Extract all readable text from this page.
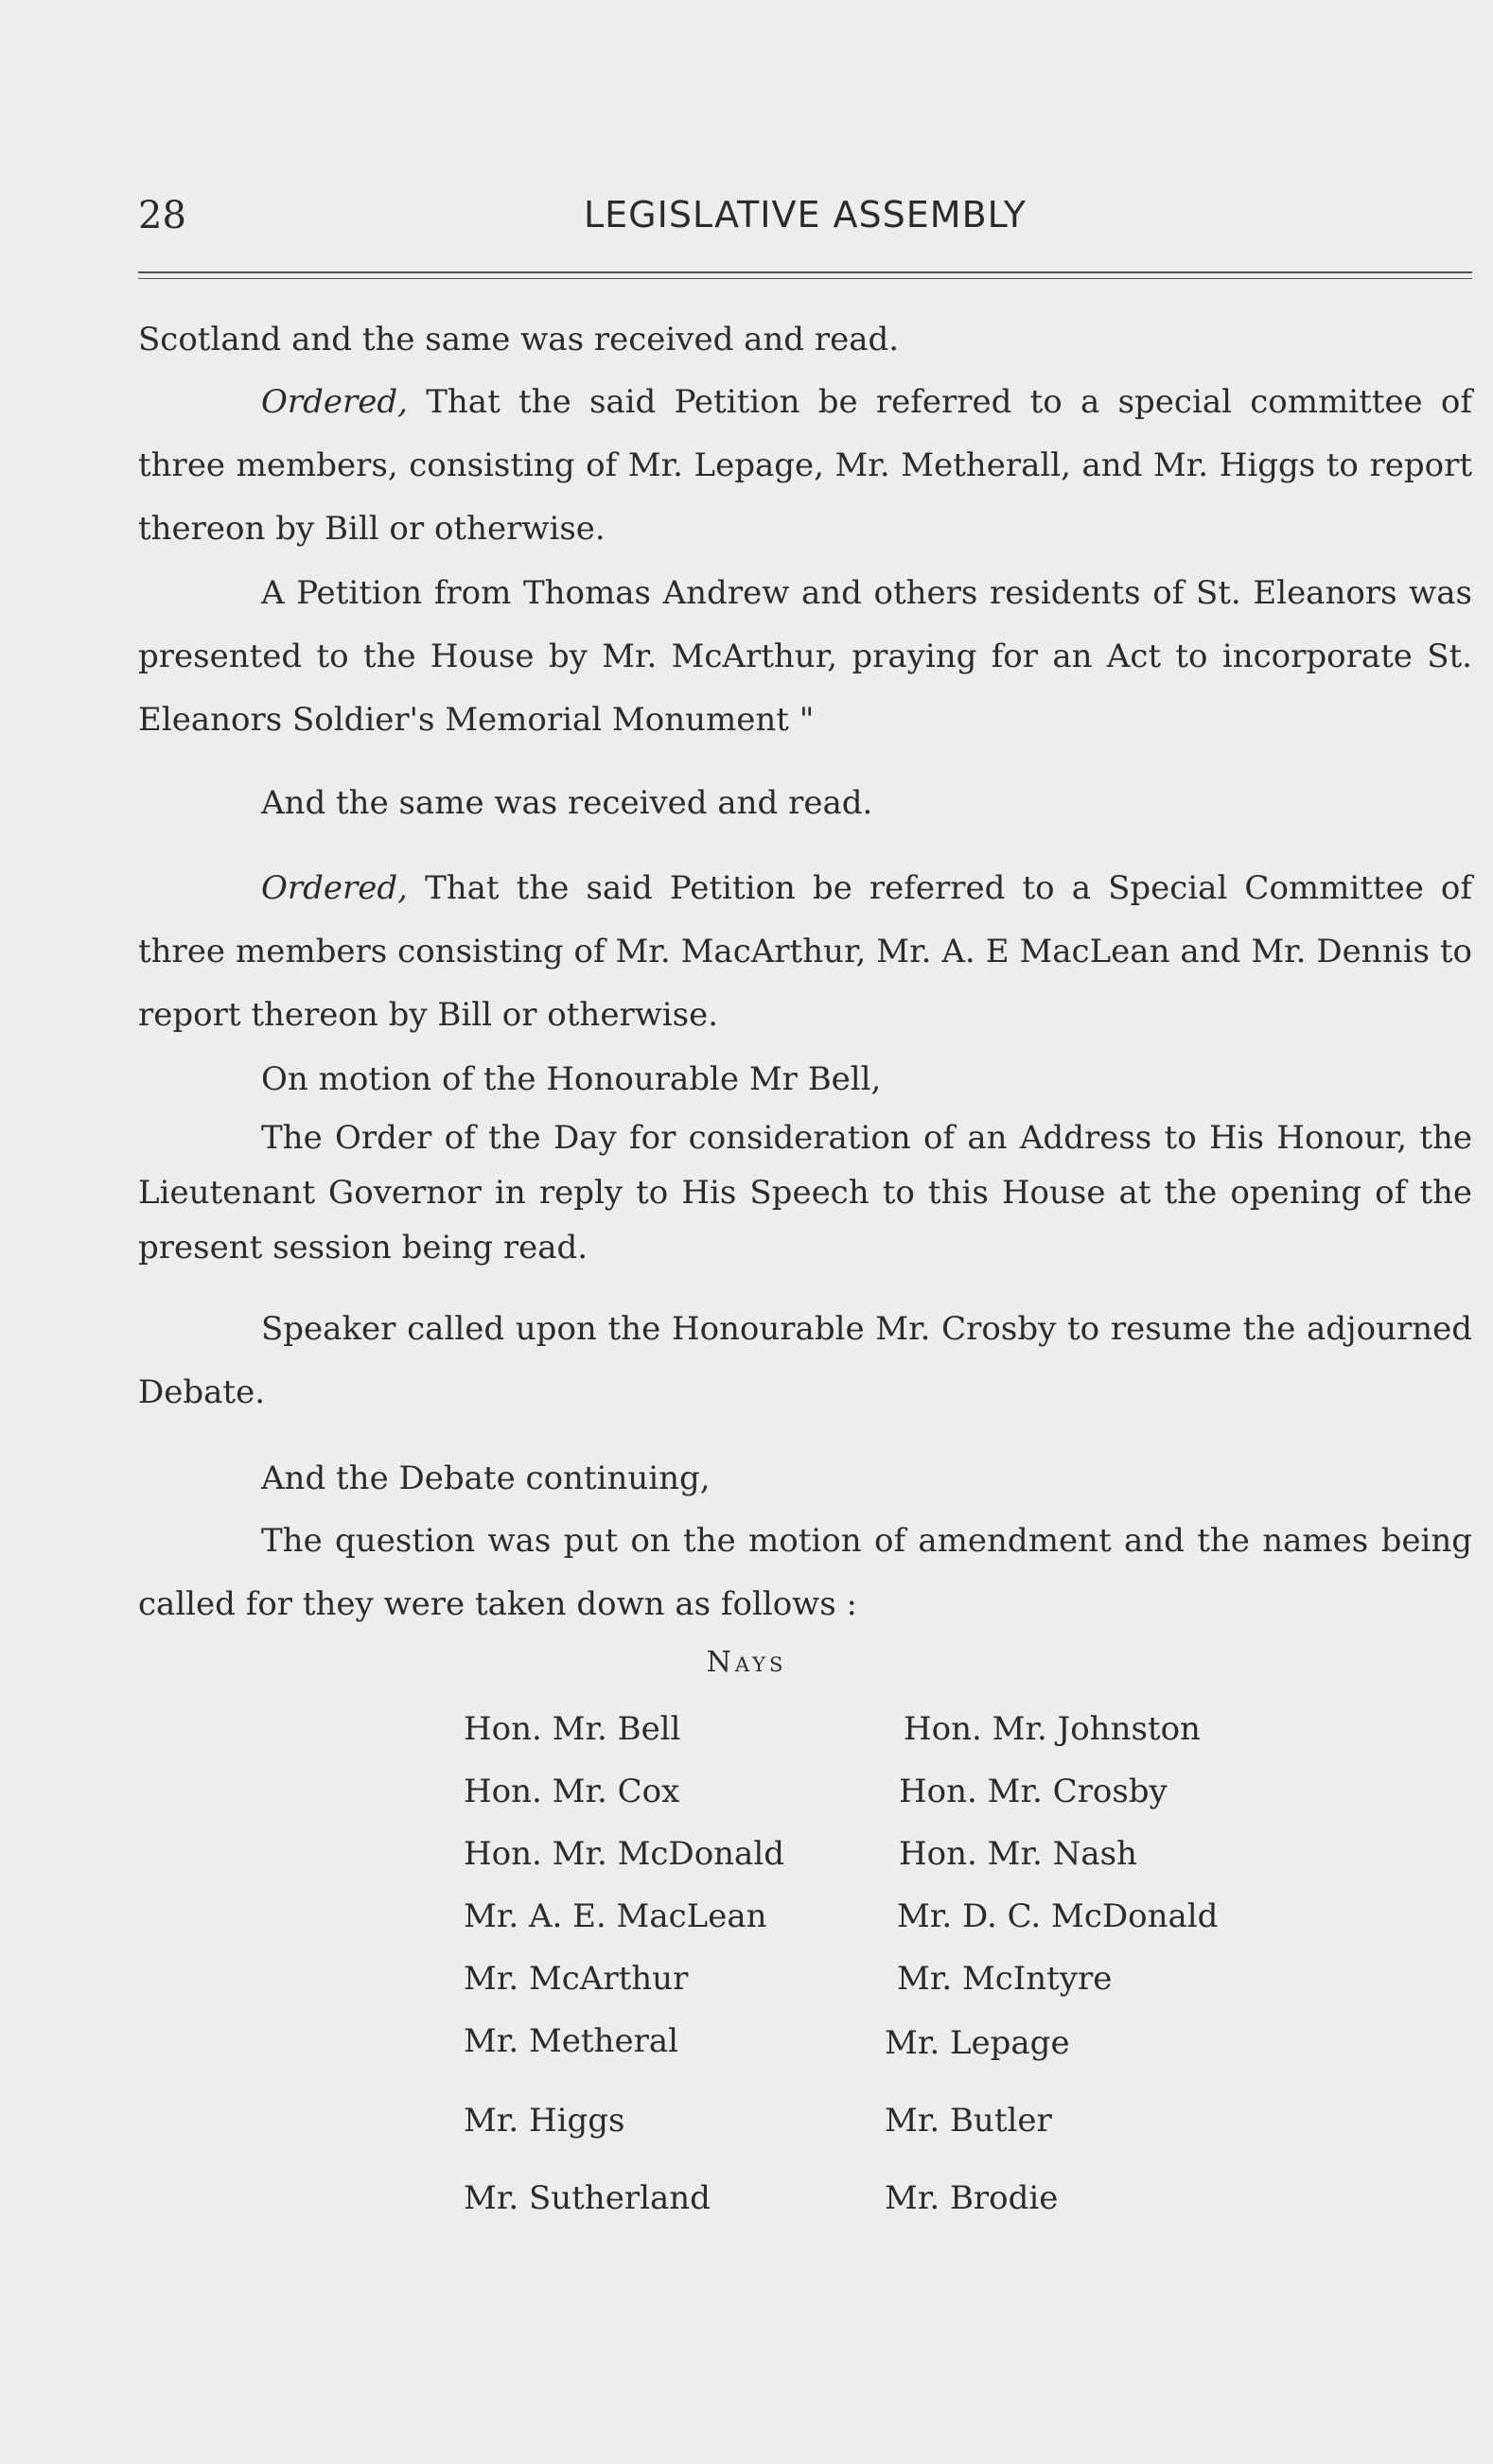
28	LEGISLATIVE ASSEMBLY

Scotland and the same was received and read.

Ordered, That the said Petition be referred to a special committee of three members, consisting of Mr. Lepage, Mr. Metherall, and Mr. Higgs to report thereon by Bill or otherwise.

A Petition from Thomas Andrew and others residents of St. Eleanors was presented to the House by Mr. McArthur, praying for an Act to incorporate St. Eleanors Soldier's Memorial Monument "

And the same was received and read.

Ordered, That the said Petition be referred to a Special Committee of three members consisting of Mr. MacArthur, Mr. A. E MacLean and Mr. Dennis to report thereon by Bill or otherwise.

On motion of the Honourable Mr Bell,

The Order of the Day for consideration of an Address to His Honour, the Lieutenant Governor in reply to His Speech to this House at the opening of the present session being read.

Speaker called upon the Honourable Mr. Crosby to resume the adjourned Debate.

And the Debate continuing,

The question was put on the motion of amendment and the names being called for they were taken down as follows :

Nays
Hon. Mr. Bell
Hon. Mr. Cox
Hon. Mr. McDonald
Mr. A. E. MacLean
Mr. McArthur
Mr. Metheral
Mr. Higgs
Mr. Sutherland
Hon. Mr. Johnston
Hon. Mr. Crosby
Hon. Mr. Nash
Mr. D. C. McDonald
Mr. McIntyre
Mr. Lepage
Mr. Butler
Mr. Brodie
